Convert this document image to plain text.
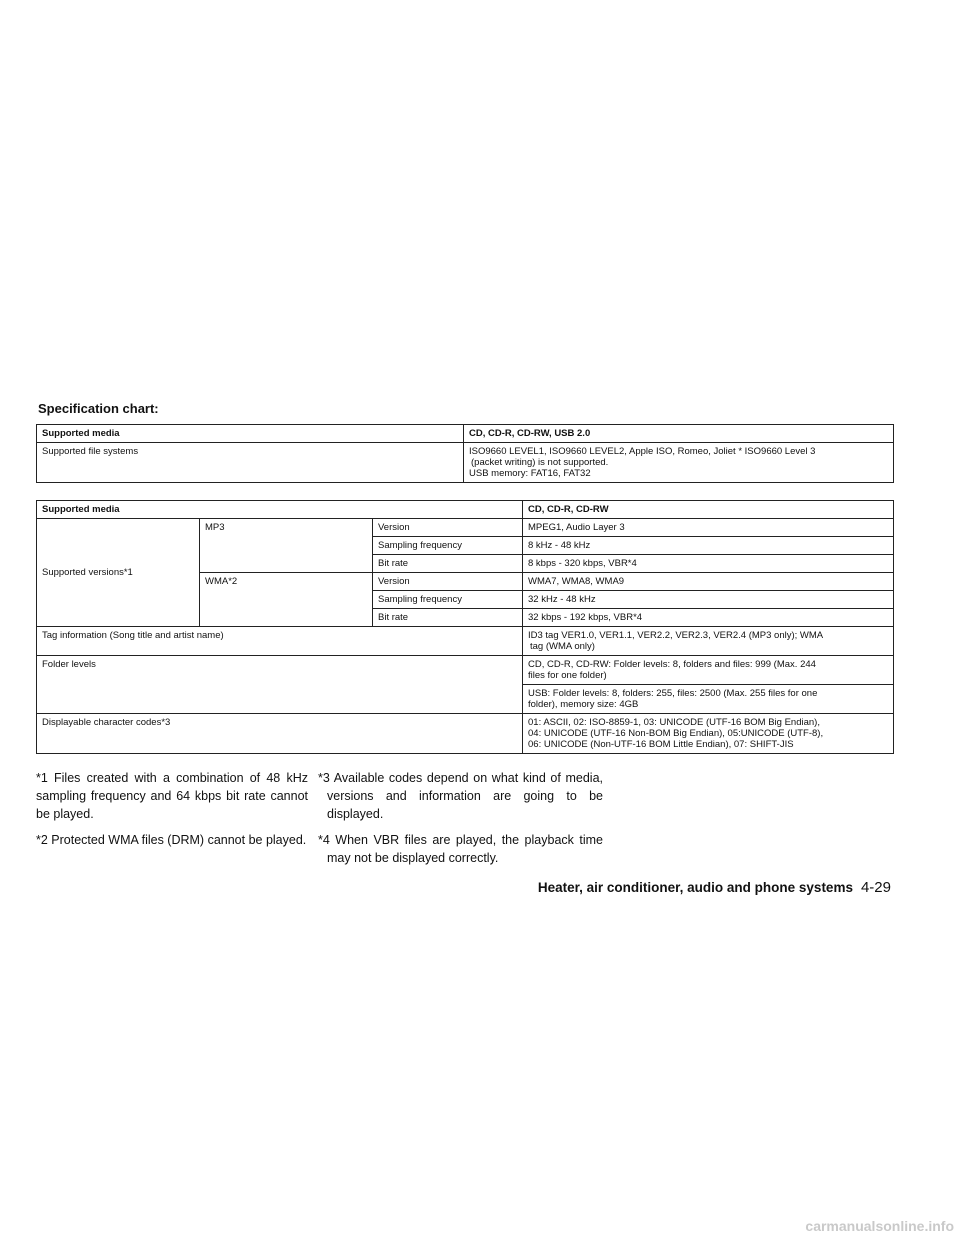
Specification chart:
Supported media	CD, CD-R, CD-RW, USB 2.0
Supported file systems	ISO9660 LEVEL1, ISO9660 LEVEL2, Apple ISO, Romeo, Joliet * ISO9660 Level 3
(packet writing) is not supported.
USB memory: FAT16, FAT32
Supported media			CD, CD-R, CD-RW
Supported versions*1	MP3	Version	MPEG1, Audio Layer 3
		Sampling frequency	8 kHz - 48 kHz
		Bit rate	8 kbps - 320 kbps, VBR*4
	WMA*2	Version	WMA7, WMA8, WMA9
		Sampling frequency	32 kHz - 48 kHz
		Bit rate	32 kbps - 192 kbps, VBR*4
Tag information (Song title and artist name)			ID3 tag VER1.0, VER1.1, VER2.2, VER2.3, VER2.4 (MP3 only); WMA
tag (WMA only)

Folder levels			CD, CD-R, CD-RW: Folder levels: 8, folders and files: 999 (Max. 244
files for one folder)

			USB: Folder levels: 8, folders: 255, files: 2500 (Max. 255 files for one
folder), memory size: 4GB

Displayable character codes*3			01: ASCII, 02: ISO-8859-1, 03: UNICODE (UTF-16 BOM Big Endian),
04: UNICODE (UTF-16 Non-BOM Big Endian), 05:UNICODE (UTF-8),
06: UNICODE (Non-UTF-16 BOM Little Endian), 07: SHIFT-JIS

*1 Files created with a combination of 48 kHz sampling frequency and 64 kbps bit rate cannot be played.

*2 Protected WMA files (DRM) cannot be played.

*3 Available codes depend on what kind of media, versions and information are going to be displayed.

*4 When VBR files are played, the playback time may not be displayed correctly.

Heater, air conditioner, audio and phone systems 4-29
carmanualsonline.info
